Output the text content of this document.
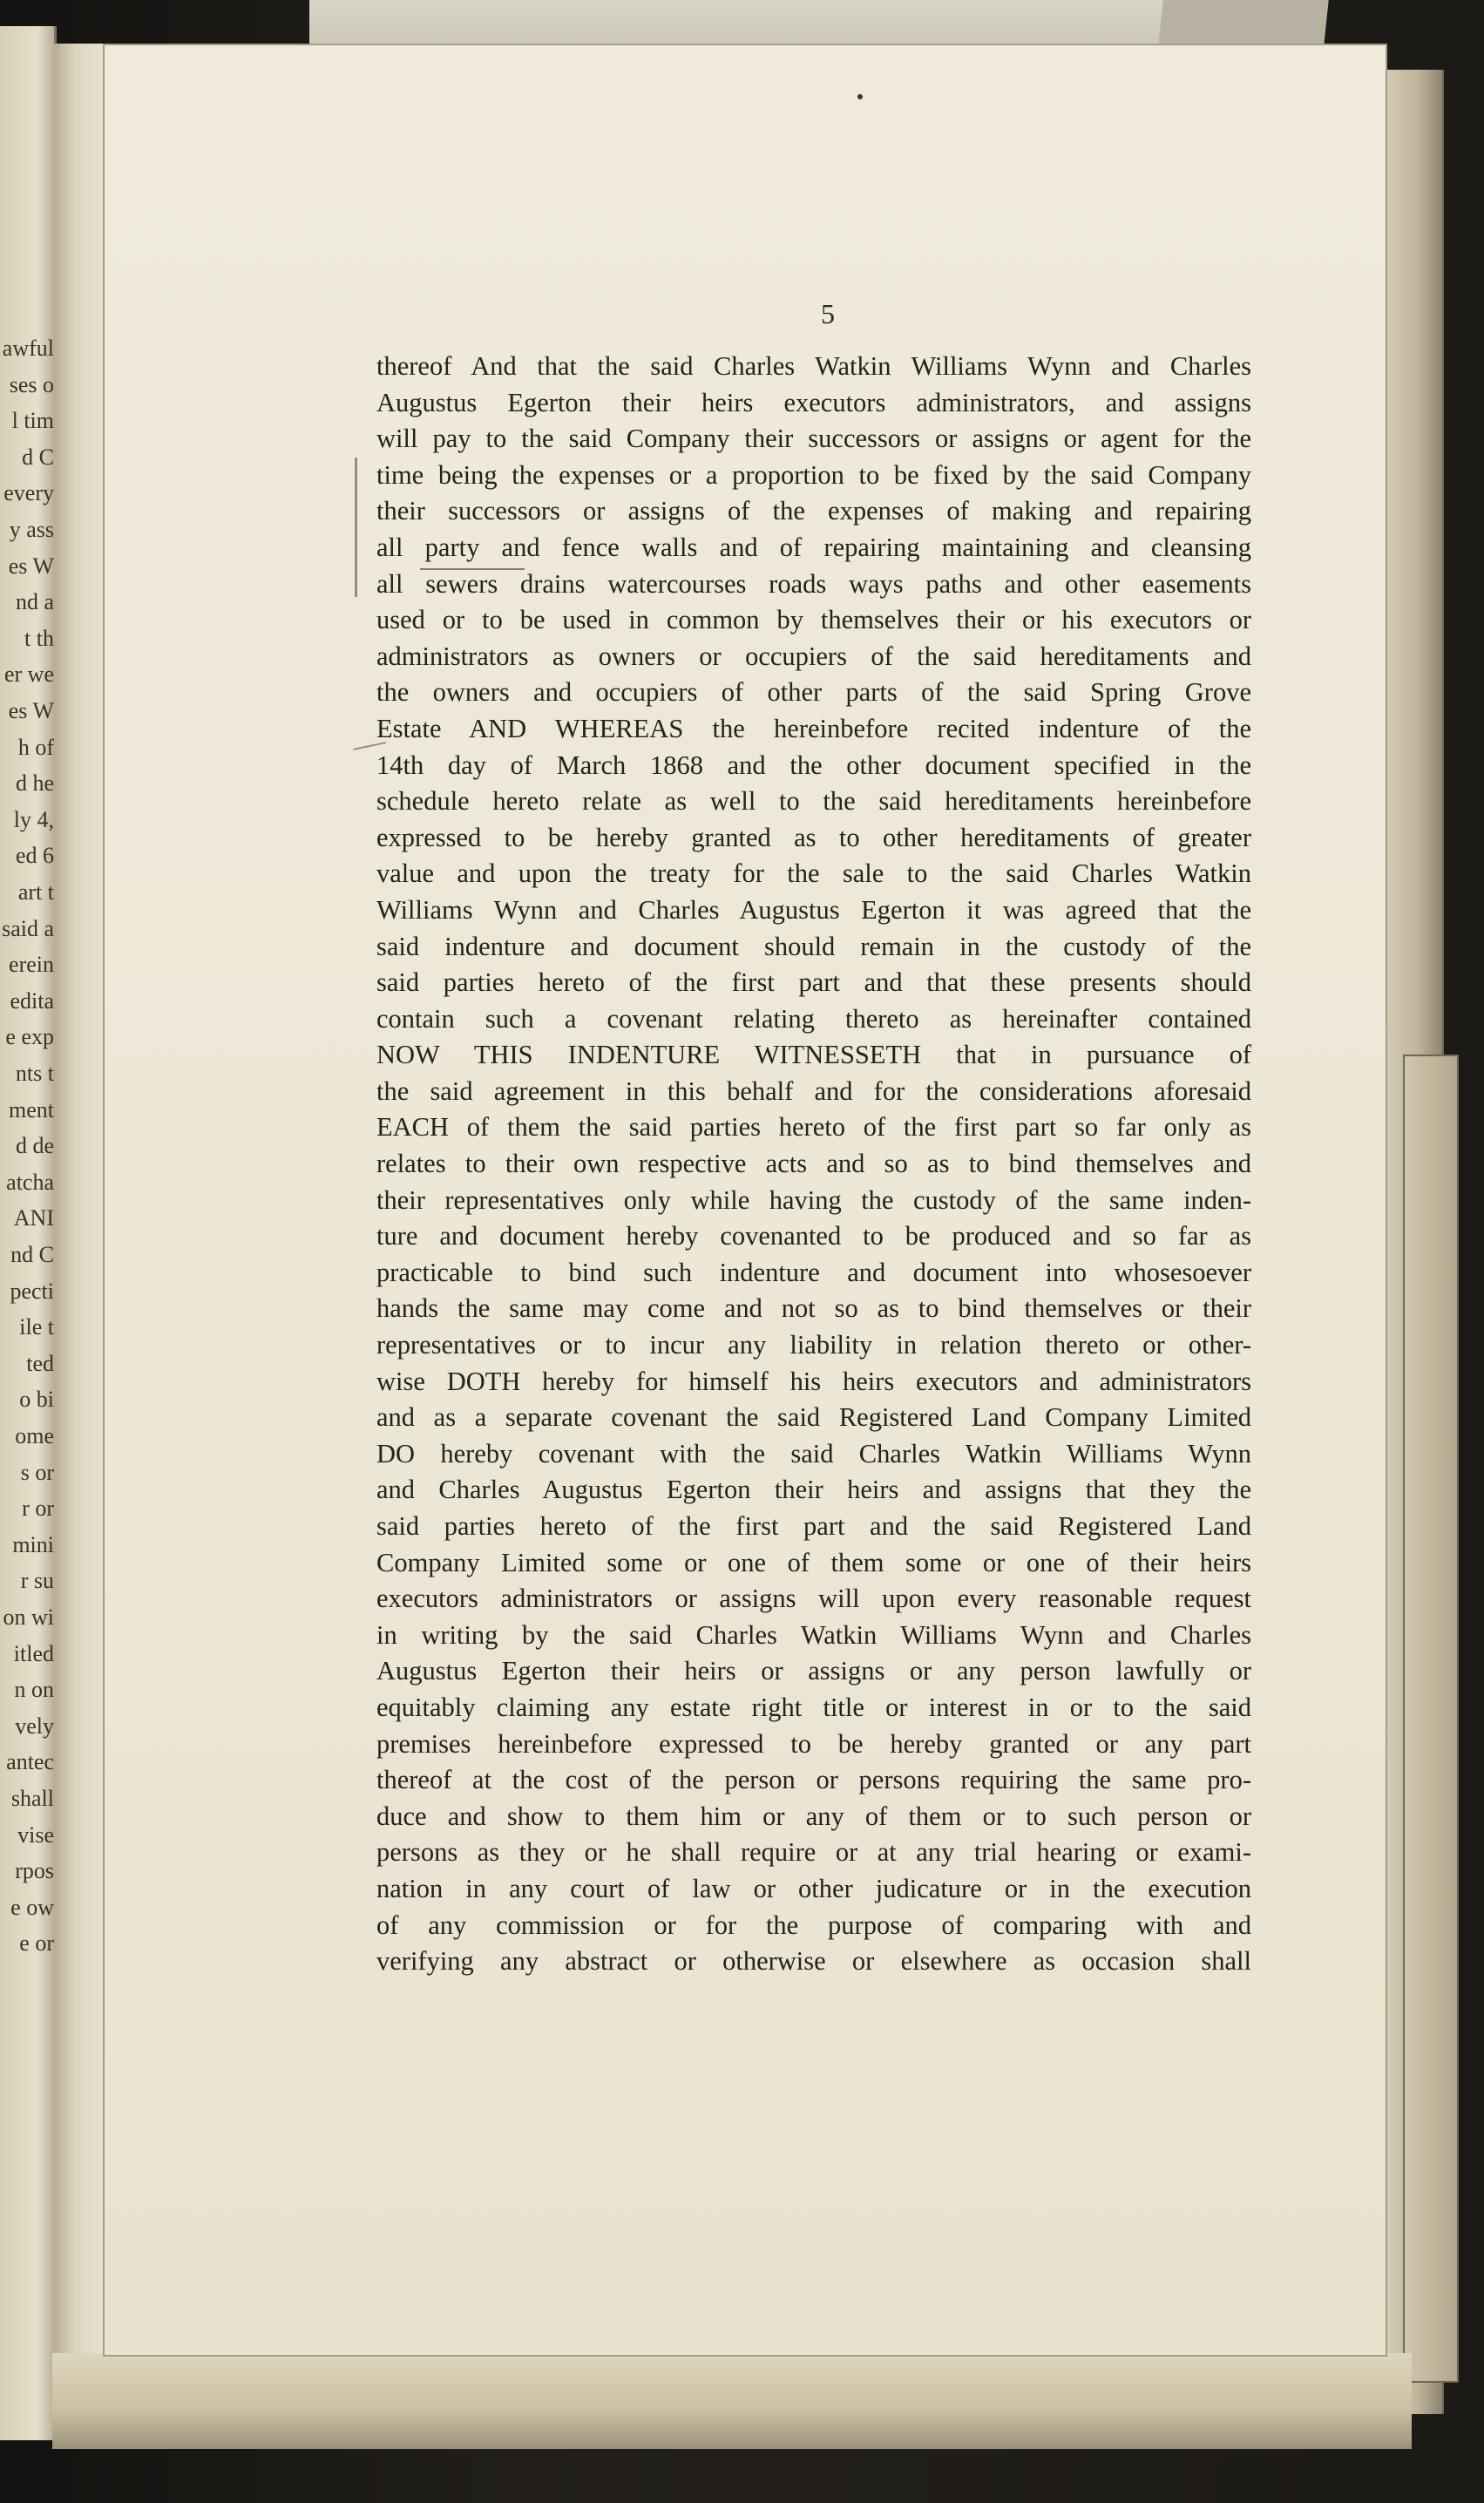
awful
ses o
l tim
d C
every
y ass
es W
nd a
t th
er we
es W
h of
d he
ly 4,
ed 6
art t
said a
erein
edita
e exp
nts t
ment
d de
atcha
ANI
nd C
pecti
ile t
ted
o bi
ome
s or
r or
mini
r su
on wi
itled
n on
vely
antec
shall
vise
rpos
e ow
e or
5
thereof And that the said Charles Watkin Williams Wynn and Charles
Augustus Egerton their heirs executors administrators, and assigns
will pay to the said Company their successors or assigns or agent for the
time being the expenses or a proportion to be fixed by the said Company
their successors or assigns of the expenses of making and repairing
all party and fence walls and of repairing maintaining and cleansing
all sewers drains watercourses roads ways paths and other easements
used or to be used in common by themselves their or his executors or
administrators as owners or occupiers of the said hereditaments and
the owners and occupiers of other parts of the said Spring Grove
Estate AND WHEREAS the hereinbefore recited indenture of the
14th day of March 1868 and the other document specified in the
schedule hereto relate as well to the said hereditaments hereinbefore
expressed to be hereby granted as to other hereditaments of greater
value and upon the treaty for the sale to the said Charles Watkin
Williams Wynn and Charles Augustus Egerton it was agreed that the
said indenture and document should remain in the custody of the
said parties hereto of the first part and that these presents should
contain such a covenant relating thereto as hereinafter contained
NOW THIS INDENTURE WITNESSETH that in pursuance of
the said agreement in this behalf and for the considerations aforesaid
EACH of them the said parties hereto of the first part so far only as
relates to their own respective acts and so as to bind themselves and
their representatives only while having the custody of the same inden-
ture and document hereby covenanted to be produced and so far as
practicable to bind such indenture and document into whosesoever
hands the same may come and not so as to bind themselves or their
representatives or to incur any liability in relation thereto or other-
wise DOTH hereby for himself his heirs executors and administrators
and as a separate covenant the said Registered Land Company Limited
DO hereby covenant with the said Charles Watkin Williams Wynn
and Charles Augustus Egerton their heirs and assigns that they the
said parties hereto of the first part and the said Registered Land
Company Limited some or one of them some or one of their heirs
executors administrators or assigns will upon every reasonable request
in writing by the said Charles Watkin Williams Wynn and Charles
Augustus Egerton their heirs or assigns or any person lawfully or
equitably claiming any estate right title or interest in or to the said
premises hereinbefore expressed to be hereby granted or any part
thereof at the cost of the person or persons requiring the same pro-
duce and show to them him or any of them or to such person or
persons as they or he shall require or at any trial hearing or exami-
nation in any court of law or other judicature or in the execution
of any commission or for the purpose of comparing with and
verifying any abstract or otherwise or elsewhere as occasion shall
